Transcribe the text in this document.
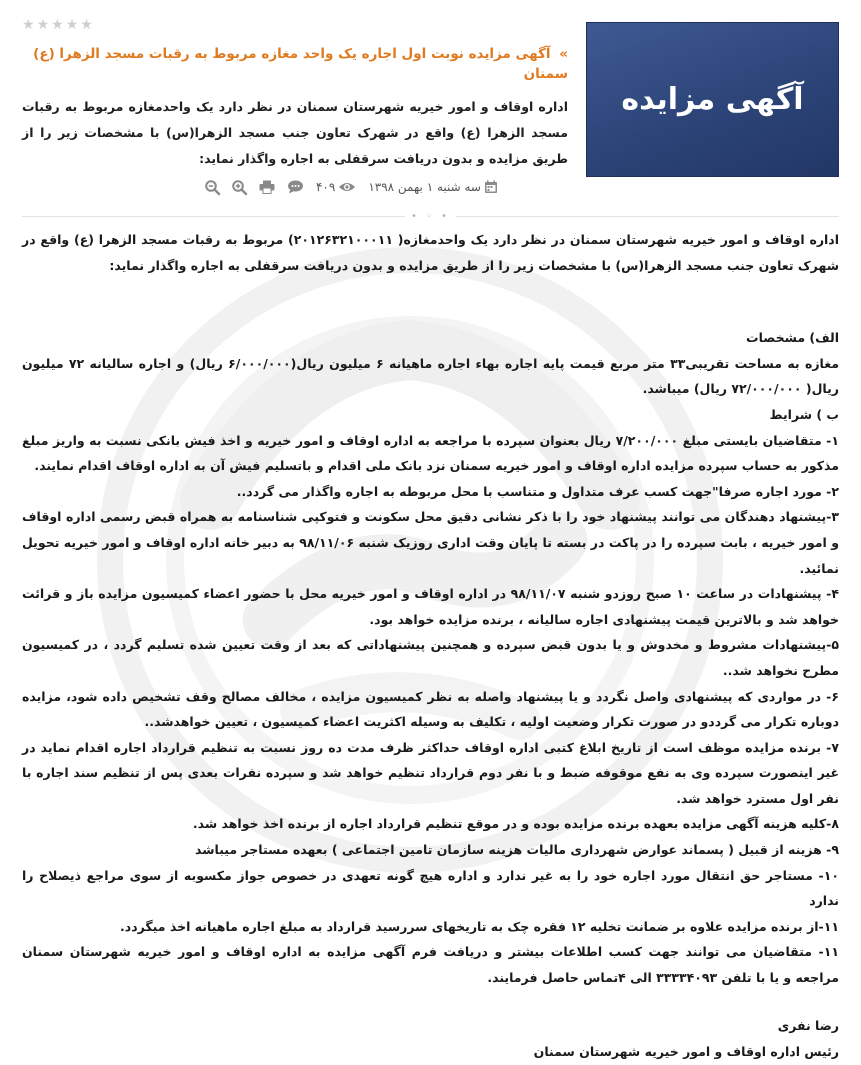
آگهی مزایده
★
★
★
★
★
» آگهی مزایده نوبت اول اجاره یک واحد مغازه مربوط به رقبات مسجد الزهرا (ع) سمنان

اداره اوقاف و امور خیریه شهرستان سمنان در نظر دارد یک واحدمغازه مربوط به رقبات مسجد الزهرا (ع) واقع در شهرک تعاون جنب مسجد الزهرا(س) با مشخصات زیر را از طریق مزایده و بدون دریافت سرقفلی به اجاره واگذار نماید:

سه شنبه ۱ بهمن ۱۳۹۸
۴۰۹
• ◦ •

اداره اوقاف و امور خیریه شهرستان سمنان در نظر دارد یک واحدمغازه( ۲۰۱۲۶۳۲۱۰۰۰۱۱) مربوط به رقبات مسجد الزهرا (ع) واقع در شهرک تعاون جنب مسجد الزهرا(س) با مشخصات زیر را از طریق مزایده و بدون دریافت سرقفلی به اجاره واگذار نماید:

الف) مشخصات

مغازه به مساحت تقریبی۳۳ متر مربع قیمت پایه اجاره بهاء اجاره ماهیانه ۶ میلیون ریال(۶/۰۰۰/۰۰۰ ریال) و اجاره سالیانه ۷۲ میلیون ریال( ۷۲/۰۰۰/۰۰۰ ریال) میباشد.

ب ) شرایط

۱- متقاضیان بایستی مبلغ ۷/۲۰۰/۰۰۰ ریال بعنوان سپرده با مراجعه به اداره اوقاف و امور خیریه و اخذ فیش بانکی نسبت به واریز مبلغ مذکور به حساب سپرده مزایده اداره اوقاف و امور خیریه سمنان نزد بانک ملی اقدام و باتسلیم فیش آن به اداره اوقاف اقدام نمایند.

۲- مورد اجاره صرفا"جهت کسب عرف متداول و متناسب با محل مربوطه به اجاره واگذار می گردد..

۳-پیشنهاد دهندگان می توانند پیشنهاد خود را با ذکر نشانی دقیق محل سکونت و فتوکپی شناسنامه به همراه قبض رسمی اداره اوقاف و امور خیریه ، بابت سپرده را در پاکت در بسته تا پایان وقت اداری روزیک شنبه ۹۸/۱۱/۰۶ به دبیر خانه اداره اوقاف و امور خیریه تحویل نمائید.

۴- پیشنهادات در ساعت ۱۰ صبح روزدو شنبه ۹۸/۱۱/۰۷ در اداره اوقاف و امور خیریه محل با حضور اعضاء کمیسیون مزایده باز و قرائت خواهد شد و بالاترین قیمت پیشنهادی اجاره سالیانه ، برنده مزایده خواهد بود.

۵-پیشنهادات مشروط و مخدوش و یا بدون قبض سپرده و همچنین پیشنهاداتی که بعد از وقت تعیین شده تسلیم گردد ، در کمیسیون مطرح نخواهد شد..

۶- در مواردی که پیشنهادی واصل نگردد و یا پیشنهاد واصله به نظر کمیسیون مزایده ، مخالف مصالح وقف تشخیص داده شود، مزایده دوباره تکرار می گرددو در صورت تکرار وضعیت اولیه ، تکلیف به وسیله اکثریت اعضاء کمیسیون ، تعیین خواهدشد..

۷- برنده مزایده موظف است از تاریخ ابلاغ کتبی اداره اوقاف حداکثر ظرف مدت ده روز نسبت به تنظیم قرارداد اجاره اقدام نماید در غیر اینصورت سپرده وی به نفع موقوفه ضبط و با نفر دوم قرارداد تنظیم خواهد شد و سپرده نفرات بعدی پس از تنظیم سند اجاره با نفر اول مسترد خواهد شد.

۸-کلیه هزینه آگهی مزایده بعهده برنده مزایده بوده و در موقع تنظیم قرارداد اجاره از برنده اخذ خواهد شد.

۹- هزینه از قبیل ( پسماند عوارض شهرداری مالیات هزینه سازمان تامین اجتماعی ) بعهده مستاجر میباشد

۱۰- مستاجر حق انتقال مورد اجاره خود را به غیر ندارد و اداره هیچ گونه تعهدی در خصوص جواز مکسوبه از سوی مراجع ذیصلاح را ندارد

۱۱-از برنده مزایده علاوه بر ضمانت تخلیه ۱۲ فقره چک به تاریخهای سررسید قرارداد به مبلغ اجاره ماهیانه اخذ میگردد.

۱۱- متقاضیان می توانند جهت کسب اطلاعات بیشتر و دریافت فرم آگهی مزایده به اداره اوقاف و امور خیریه شهرستان سمنان مراجعه و یا با تلفن ۳۳۳۳۴۰۹۳ الی ۴تماس حاصل فرمایند.

رضا نفری

رئیس اداره اوقاف و امور خیریه شهرستان سمنان
